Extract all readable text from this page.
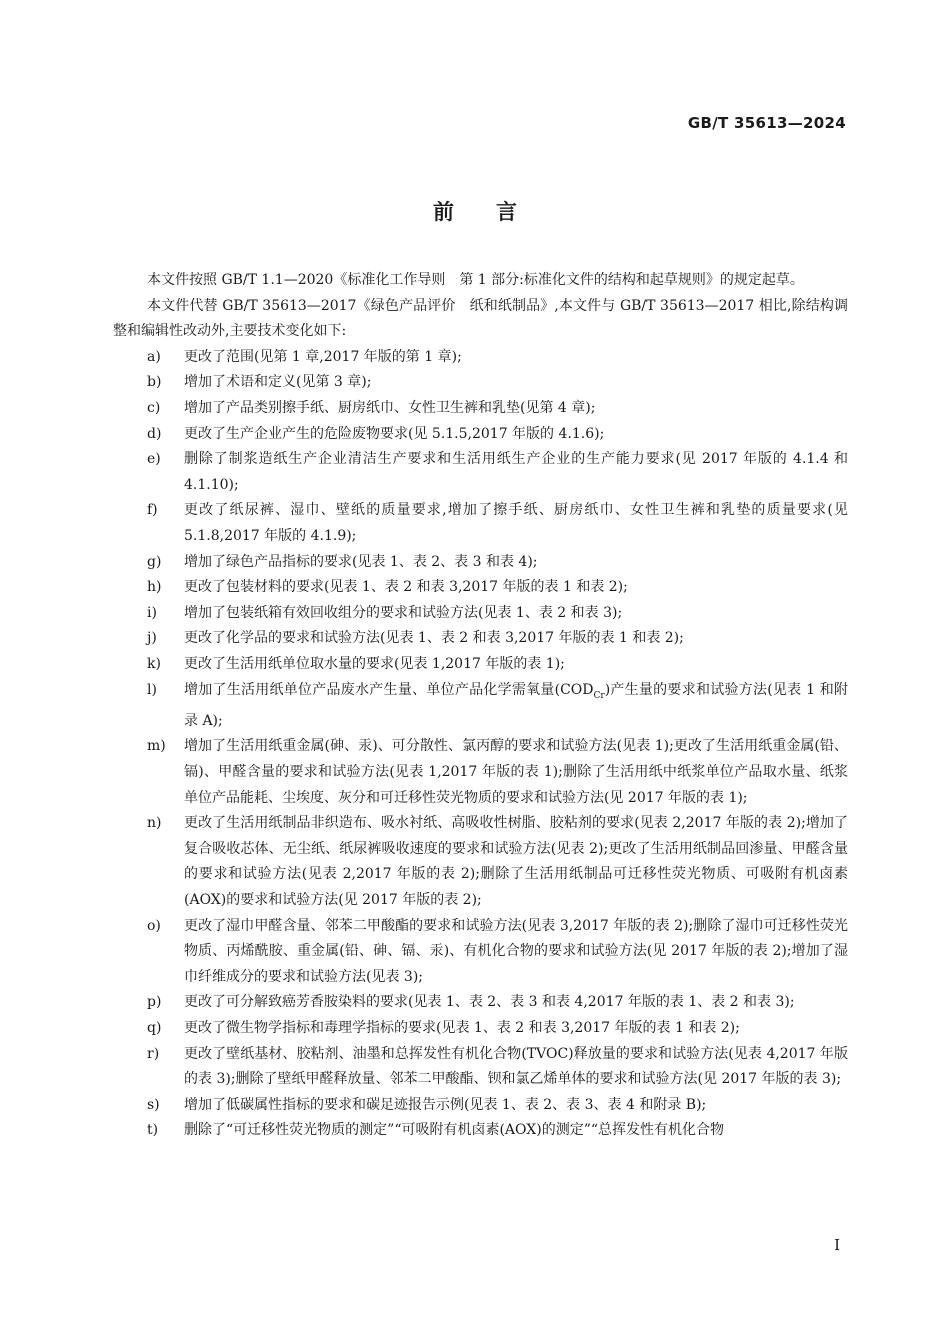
GB/T 35613—2024
前言

本文件按照 GB/T 1.1—2020《标准化工作导则　第 1 部分:标准化文件的结构和起草规则》的规定起草。

本文件代替 GB/T 35613—2017《绿色产品评价　纸和纸制品》,本文件与 GB/T 35613—2017 相比,除结构调整和编辑性改动外,主要技术变化如下:

a)	更改了范围(见第 1 章,2017 年版的第 1 章);
b)	增加了术语和定义(见第 3 章);
c)	增加了产品类别擦手纸、厨房纸巾、女性卫生裤和乳垫(见第 4 章);
d)	更改了生产企业产生的危险废物要求(见 5.1.5,2017 年版的 4.1.6);
e)	删除了制浆造纸生产企业清洁生产要求和生活用纸生产企业的生产能力要求(见 2017 年版的 4.1.4 和 4.1.10);
f)	更改了纸尿裤、湿巾、壁纸的质量要求,增加了擦手纸、厨房纸巾、女性卫生裤和乳垫的质量要求(见 5.1.8,2017 年版的 4.1.9);
g)	增加了绿色产品指标的要求(见表 1、表 2、表 3 和表 4);
h)	更改了包装材料的要求(见表 1、表 2 和表 3,2017 年版的表 1 和表 2);
i)	增加了包装纸箱有效回收组分的要求和试验方法(见表 1、表 2 和表 3);
j)	更改了化学品的要求和试验方法(见表 1、表 2 和表 3,2017 年版的表 1 和表 2);
k)	更改了生活用纸单位取水量的要求(见表 1,2017 年版的表 1);
l)	增加了生活用纸单位产品废水产生量、单位产品化学需氧量$(COD_{Cr})$产生量的要求和试验方法(见表 1 和附录 A);
m)	增加了生活用纸重金属(砷、汞)、可分散性、氯丙醇的要求和试验方法(见表 1);更改了生活用纸重金属(铅、镉)、甲醛含量的要求和试验方法(见表 1,2017 年版的表 1);删除了生活用纸中纸浆单位产品取水量、纸浆单位产品能耗、尘埃度、灰分和可迁移性荧光物质的要求和试验方法(见 2017 年版的表 1);
n)	更改了生活用纸制品非织造布、吸水衬纸、高吸收性树脂、胶粘剂的要求(见表 2,2017 年版的表 2);增加了复合吸收芯体、无尘纸、纸尿裤吸收速度的要求和试验方法(见表 2);更改了生活用纸制品回渗量、甲醛含量的要求和试验方法(见表 2,2017 年版的表 2);删除了生活用纸制品可迁移性荧光物质、可吸附有机卤素(AOX)的要求和试验方法(见 2017 年版的表 2);
o)	更改了湿巾甲醛含量、邻苯二甲酸酯的要求和试验方法(见表 3,2017 年版的表 2);删除了湿巾可迁移性荧光物质、丙烯酰胺、重金属(铅、砷、镉、汞)、有机化合物的要求和试验方法(见 2017 年版的表 2);增加了湿巾纤维成分的要求和试验方法(见表 3);
p)	更改了可分解致癌芳香胺染料的要求(见表 1、表 2、表 3 和表 4,2017 年版的表 1、表 2 和表 3);
q)	更改了微生物学指标和毒理学指标的要求(见表 1、表 2 和表 3,2017 年版的表 1 和表 2);
r)	更改了壁纸基材、胶粘剂、油墨和总挥发性有机化合物(TVOC)释放量的要求和试验方法(见表 4,2017 年版的表 3);删除了壁纸甲醛释放量、邻苯二甲酸酯、钡和氯乙烯单体的要求和试验方法(见 2017 年版的表 3);
s)	增加了低碳属性指标的要求和碳足迹报告示例(见表 1、表 2、表 3、表 4 和附录 B);
t)	删除了“可迁移性荧光物质的测定”“可吸附有机卤素(AOX)的测定”“总挥发性有机化合物
I
